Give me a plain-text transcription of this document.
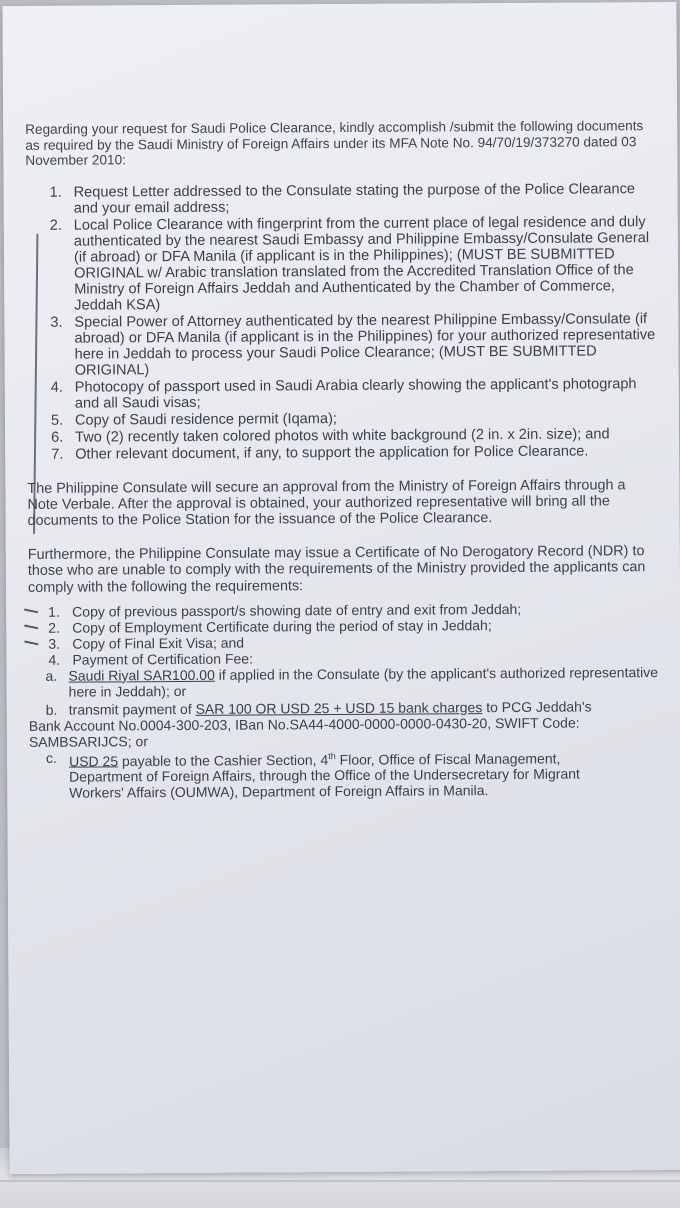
Regarding your request for Saudi Police Clearance, kindly accomplish /submit the following documents as required by the Saudi Ministry of Foreign Affairs under its MFA Note No. 94/70/19/373270 dated 03 November 2010:

1. Request Letter addressed to the Consulate stating the purpose of the Police Clearance and your email address;
2. Local Police Clearance with fingerprint from the current place of legal residence and duly authenticated by the nearest Saudi Embassy and Philippine Embassy/Consulate General (if abroad) or DFA Manila (if applicant is in the Philippines); (MUST BE SUBMITTED ORIGINAL w/ Arabic translation translated from the Accredited Translation Office of the Ministry of Foreign Affairs Jeddah and Authenticated by the Chamber of Commerce, Jeddah KSA)
3. Special Power of Attorney authenticated by the nearest Philippine Embassy/Consulate (if abroad) or DFA Manila (if applicant is in the Philippines) for your authorized representative here in Jeddah to process your Saudi Police Clearance; (MUST BE SUBMITTED ORIGINAL)
4. Photocopy of passport used in Saudi Arabia clearly showing the applicant's photograph and all Saudi visas;
5. Copy of Saudi residence permit (Iqama);
6. Two (2) recently taken colored photos with white background (2 in. x 2in. size); and
7. Other relevant document, if any, to support the application for Police Clearance.

The Philippine Consulate will secure an approval from the Ministry of Foreign Affairs through a Note Verbale. After the approval is obtained, your authorized representative will bring all the documents to the Police Station for the issuance of the Police Clearance.

Furthermore, the Philippine Consulate may issue a Certificate of No Derogatory Record (NDR) to those who are unable to comply with the requirements of the Ministry provided the applicants can comply with the following the requirements:

1. Copy of previous passport/s showing date of entry and exit from Jeddah;
2. Copy of Employment Certificate during the period of stay in Jeddah;
3. Copy of Final Exit Visa; and
4. Payment of Certification Fee:
a. Saudi Riyal SAR100.00 if applied in the Consulate (by the applicant's authorized representative here in Jeddah); or
b. transmit payment of SAR 100 OR USD 25 + USD 15 bank charges to PCG Jeddah's
Bank Account No.0004-300-203, IBan No.SA44-4000-0000-0000-0430-20, SWIFT Code: SAMBSARIJCS; or
c. USD 25 payable to the Cashier Section, 4th Floor, Office of Fiscal Management, Department of Foreign Affairs, through the Office of the Undersecretary for Migrant Workers' Affairs (OUMWA), Department of Foreign Affairs in Manila.
